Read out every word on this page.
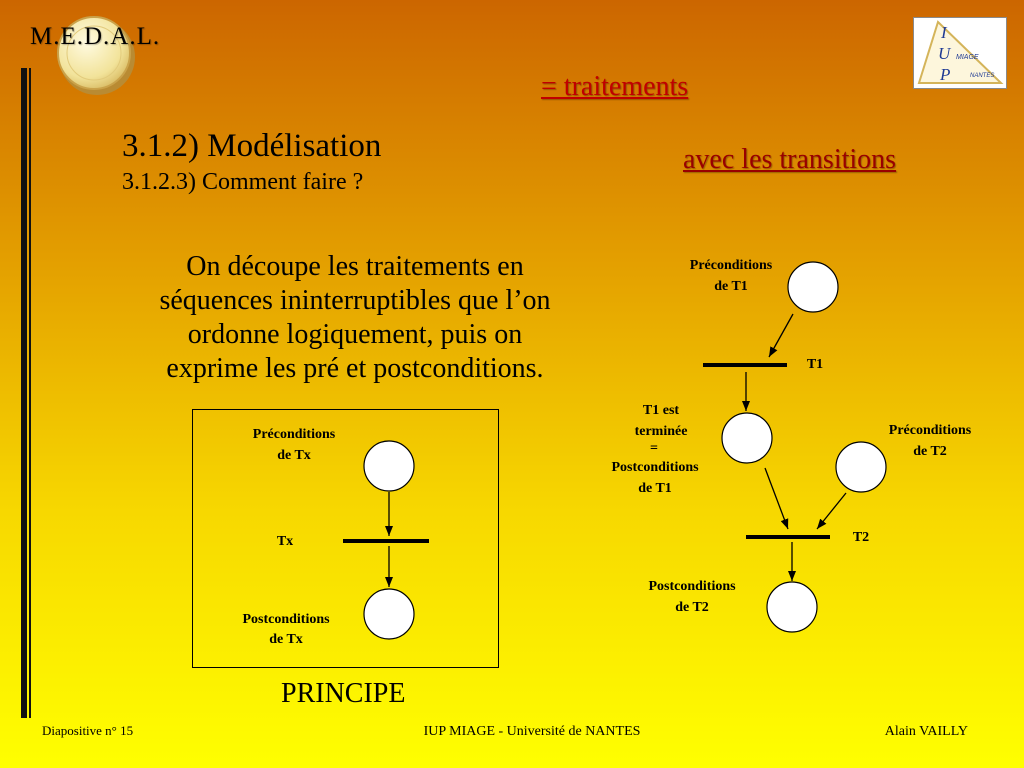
I
U
P
MIAGE
NANTES
Préconditions
de Tx
Tx
Postconditions
de Tx
Préconditions
de T1
T1
T1 est
terminée
=
Postconditions
de T1
Préconditions
de T2
T2
Postconditions
de T2
M.E.D.A.L.
= traitements
3.1.2) Modélisation
3.1.2.3) Comment faire ?
avec les transitions
On découpe les traitements en
séquences ininterruptibles que l’on
ordonne logiquement, puis on
exprime les pré et postconditions.
PRINCIPE
Diapositive n° 15	IUP MIAGE - Université de NANTES	Alain VAILLY
